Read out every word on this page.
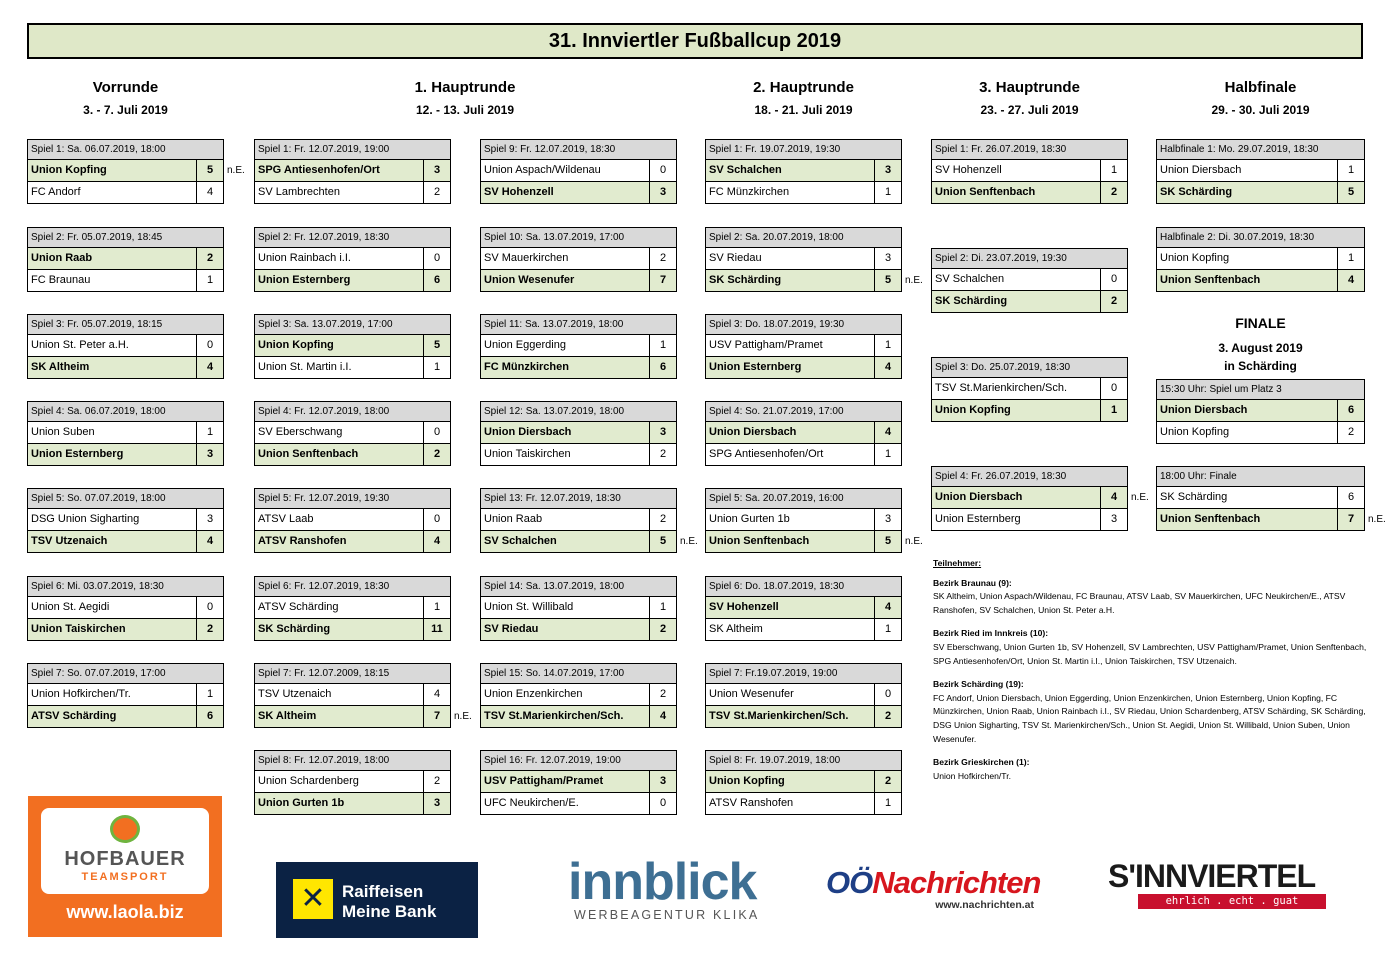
31. Innviertler Fußballcup 2019
Vorrunde
3. - 7. Juli 2019
1. Hauptrunde
12. - 13. Juli 2019
2. Hauptrunde
18. - 21. Juli 2019
3. Hauptrunde
23. - 27. Juli 2019
Halbfinale
29. - 30. Juli 2019
Spiel 1: Sa. 06.07.2019, 18:00
Union Kopfing	5
FC Andorf	4
n.E.
Spiel 2: Fr. 05.07.2019, 18:45
Union Raab	2
FC Braunau	1
Spiel 3: Fr. 05.07.2019, 18:15
Union St. Peter a.H.	0
SK Altheim	4
Spiel 4: Sa. 06.07.2019, 18:00
Union Suben	1
Union Esternberg	3
Spiel 5: So. 07.07.2019, 18:00
DSG Union Sigharting	3
TSV Utzenaich	4
Spiel 6: Mi. 03.07.2019, 18:30
Union St. Aegidi	0
Union Taiskirchen	2
Spiel 7: So. 07.07.2019, 17:00
Union Hofkirchen/Tr.	1
ATSV Schärding	6
Spiel 1: Fr. 12.07.2019, 19:00
SPG Antiesenhofen/Ort	3
SV Lambrechten	2
Spiel 2: Fr. 12.07.2019, 18:30
Union Rainbach i.I.	0
Union Esternberg	6
Spiel 3: Sa. 13.07.2019, 17:00
Union Kopfing	5
Union St. Martin i.I.	1
Spiel 4: Fr. 12.07.2019, 18:00
SV Eberschwang	0
Union Senftenbach	2
Spiel 5: Fr. 12.07.2019, 19:30
ATSV Laab	0
ATSV Ranshofen	4
Spiel 6: Fr. 12.07.2019, 18:30
ATSV Schärding	1
SK Schärding	11
Spiel 7: Fr. 12.07.2009, 18:15
TSV Utzenaich	4
SK Altheim	7	n.E.
Spiel 8: Fr. 12.07.2019, 18:00
Union Schardenberg	2
Union Gurten 1b	3
Spiel 9: Fr. 12.07.2019, 18:30
Union Aspach/Wildenau	0
SV Hohenzell	3
Spiel 10: Sa. 13.07.2019, 17:00
SV Mauerkirchen	2
Union Wesenufer	7
Spiel 11: Sa. 13.07.2019, 18:00
Union Eggerding	1
FC Münzkirchen	6
Spiel 12: Sa. 13.07.2019, 18:00
Union Diersbach	3
Union Taiskirchen	2
Spiel 13: Fr. 12.07.2019, 18:30
Union Raab	2
SV Schalchen	5	n.E.
Spiel 14: Sa. 13.07.2019, 18:00
Union St. Willibald	1
SV Riedau	2
Spiel 15: So. 14.07.2019, 17:00
Union Enzenkirchen	2
TSV St.Marienkirchen/Sch.	4
Spiel 16: Fr. 12.07.2019, 19:00
USV Pattigham/Pramet	3
UFC Neukirchen/E.	0
Spiel 1: Fr. 19.07.2019, 19:30
SV Schalchen	3
FC Münzkirchen	1
Spiel 2: Sa. 20.07.2019, 18:00
SV Riedau	3
SK Schärding	5	n.E.
Spiel 3: Do. 18.07.2019, 19:30
USV Pattigham/Pramet	1
Union Esternberg	4
Spiel 4: So. 21.07.2019, 17:00
Union Diersbach	4
SPG Antiesenhofen/Ort	1
Spiel 5: Sa. 20.07.2019, 16:00
Union Gurten 1b	3
Union Senftenbach	5	n.E.
Spiel 6: Do. 18.07.2019, 18:30
SV Hohenzell	4
SK Altheim	1
Spiel 7: Fr.19.07.2019, 19:00
Union Wesenufer	0
TSV St.Marienkirchen/Sch.	2
Spiel 8: Fr. 19.07.2019, 18:00
Union Kopfing	2
ATSV Ranshofen	1
Spiel 1: Fr. 26.07.2019, 18:30
SV Hohenzell	1
Union Senftenbach	2
Spiel 2: Di. 23.07.2019, 19:30
SV Schalchen	0
SK Schärding	2
Spiel 3: Do. 25.07.2019, 18:30
TSV St.Marienkirchen/Sch.	0
Union Kopfing	1
Spiel 4: Fr. 26.07.2019, 18:30
Union Diersbach	4
Union Esternberg	3
n.E.
Halbfinale 1: Mo. 29.07.2019, 18:30
Union Diersbach	1
SK Schärding	5
Halbfinale 2: Di. 30.07.2019, 18:30
Union Kopfing	1
Union Senftenbach	4
15:30 Uhr: Spiel um Platz 3
Union Diersbach	6
Union Kopfing	2
18:00 Uhr: Finale
SK Schärding	6
Union Senftenbach	7	n.E.
FINALE
3. August 2019
in Schärding
Teilnehmer:
Bezirk Braunau (9):
SK Altheim, Union Aspach/Wildenau, FC Braunau, ATSV Laab, SV Mauerkirchen, UFC Neukirchen/E., ATSV Ranshofen, SV Schalchen, Union St. Peter a.H.
Bezirk Ried im Innkreis (10):
SV Eberschwang, Union Gurten 1b, SV Hohenzell, SV Lambrechten, USV Pattigham/Pramet, Union Senftenbach, SPG Antiesenhofen/Ort, Union St. Martin i.I., Union Taiskirchen, TSV Utzenaich.
Bezirk Schärding (19):
FC Andorf, Union Diersbach, Union Eggerding, Union Enzenkirchen, Union Esternberg, Union Kopfing, FC Münzkirchen, Union Raab, Union Rainbach i.I., SV Riedau, Union Schardenberg, ATSV Schärding, SK Schärding, DSG Union Sigharting, TSV St. Marienkirchen/Sch., Union St. Aegidi, Union St. Willibald, Union Suben, Union Wesenufer.
Bezirk Grieskirchen (1):
Union Hofkirchen/Tr.
HOFBAUER
TEAMSPORT
www.laola.biz	✕ Raiffeisen
Meine Bank
innblick
WERBEAGENTUR KLIKA
OÖNachrichten
www.nachrichten.at
S'INNVIERTEL
ehrlich . echt . guat
